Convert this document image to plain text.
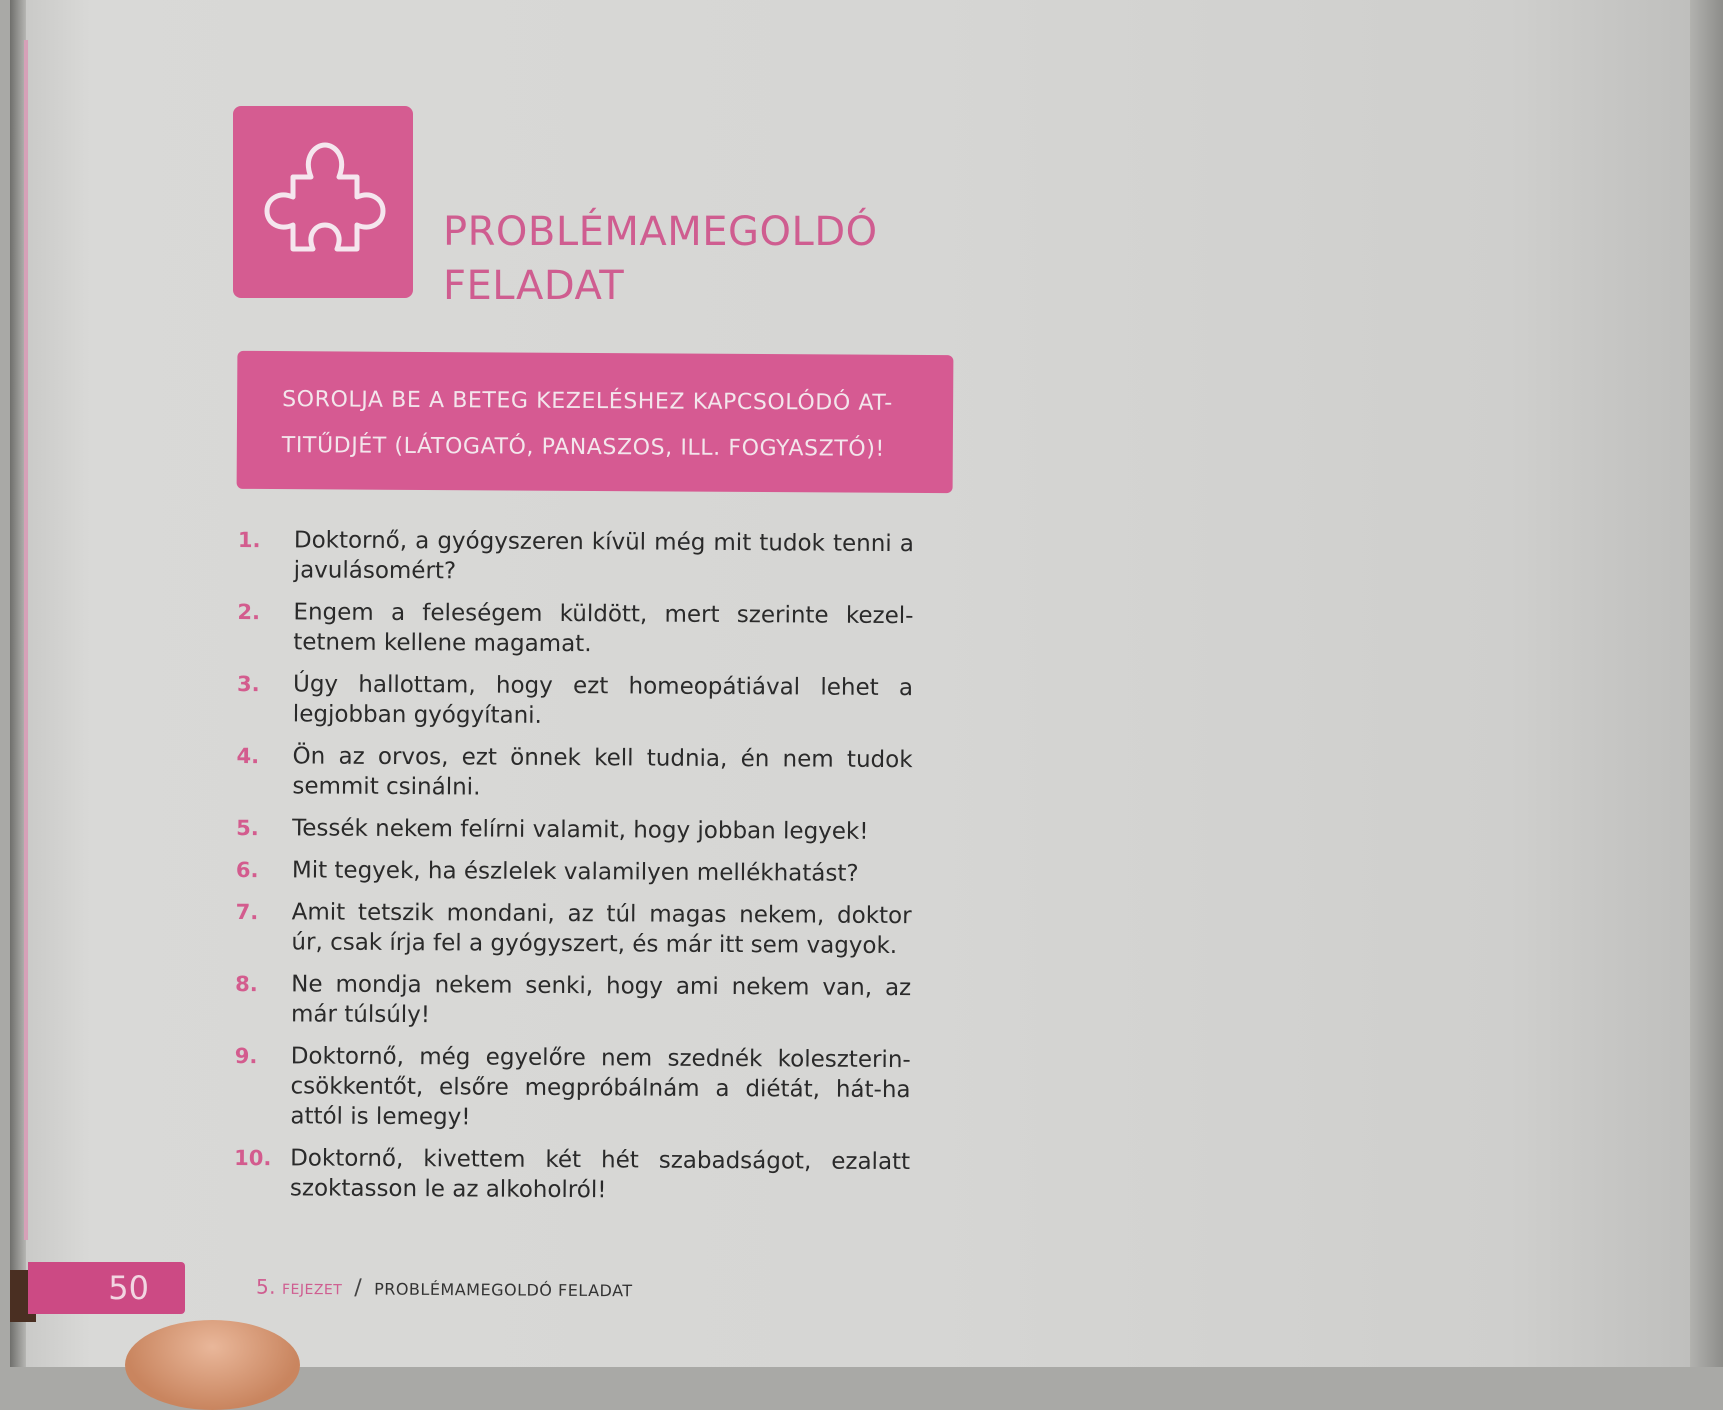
PROBLÉMAMEGOLDÓ
FELADAT
SOROLJA BE A BETEG KEZELÉSHEZ KAPCSOLÓDÓ AT-
TITŰDJÉT (LÁTOGATÓ, PANASZOS, ILL. FOGYASZTÓ)!
1.	Doktornő, a gyógyszeren kívül még mit tudok tenni a javulásomért?
2.	Engem a feleségem küldött, mert szerinte kezel-tetnem kellene magamat.
3.	Úgy hallottam, hogy ezt homeopátiával lehet a legjobban gyógyítani.
4.	Ön az orvos, ezt önnek kell tudnia, én nem tudok semmit csinálni.
5.	Tessék nekem felírni valamit, hogy jobban legyek!
6.	Mit tegyek, ha észlelek valamilyen mellékhatást?
7.	Amit tetszik mondani, az túl magas nekem, doktor úr, csak írja fel a gyógyszert, és már itt sem vagyok.
8.	Ne mondja nekem senki, hogy ami nekem van, az már túlsúly!
9.	Doktornő, még egyelőre nem szednék koleszterin-csökkentőt, elsőre megpróbálnám a diétát, hát-ha attól is lemegy!
10. Doktornő, kivettem két hét szabadságot, ezalatt szoktasson le az alkoholról!
50	5. FEJEZET / PROBLÉMAMEGOLDÓ FELADAT
